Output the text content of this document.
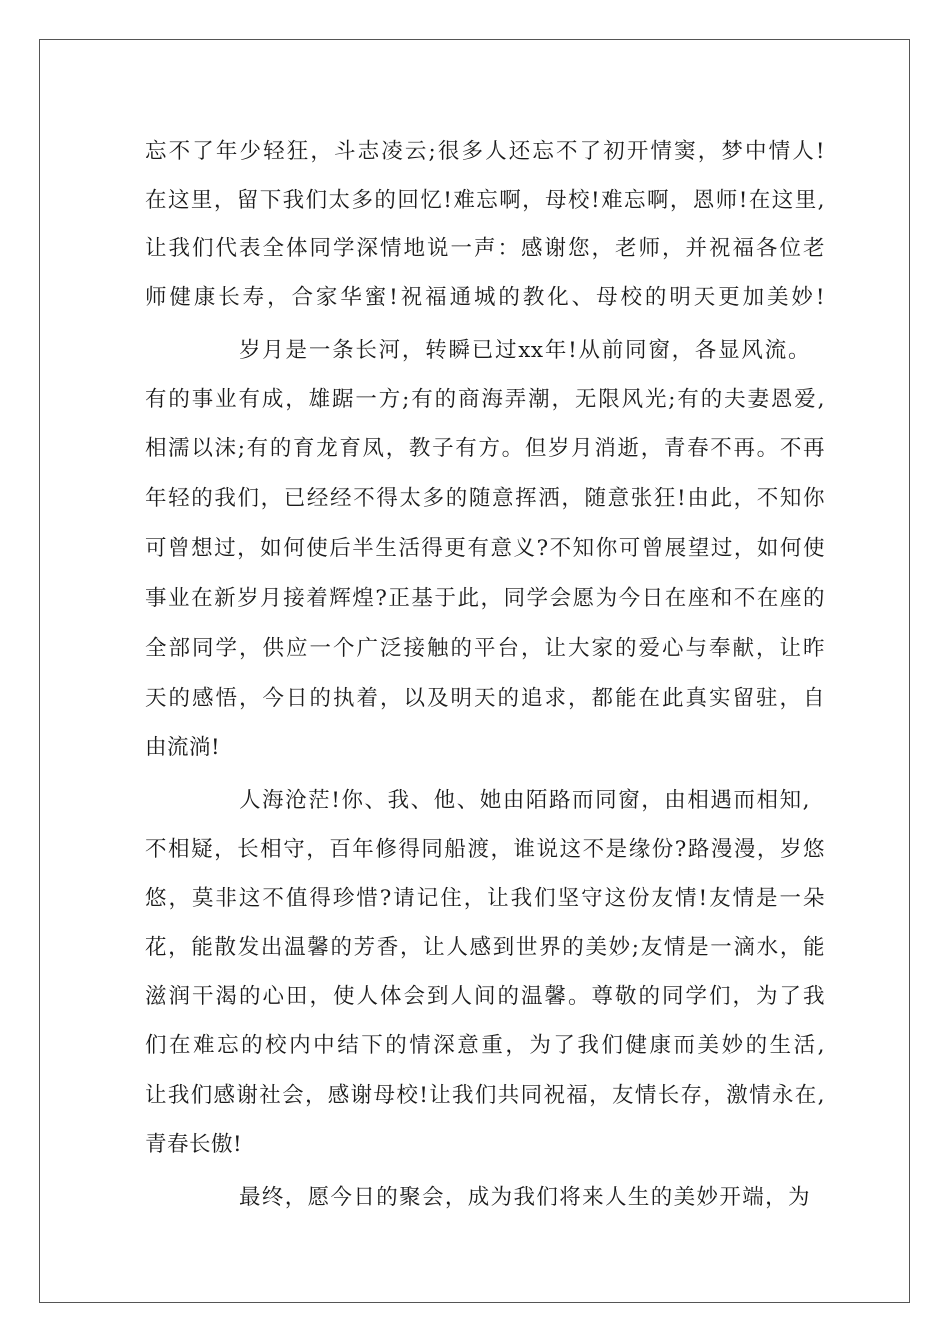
忘不了年少轻狂，斗志凌云;很多人还忘不了初开情窦，梦中情人!
在这里，留下我们太多的回忆!难忘啊，母校!难忘啊，恩师!在这里,
让我们代表全体同学深情地说一声：感谢您，老师，并祝福各位老
师健康长寿，合家华蜜!祝福通城的教化、母校的明天更加美妙!
岁月是一条长河，转瞬已过xx年!从前同窗，各显风流。
有的事业有成，雄踞一方;有的商海弄潮，无限风光;有的夫妻恩爱,
相濡以沫;有的育龙育凤，教子有方。但岁月消逝，青春不再。不再
年轻的我们，已经经不得太多的随意挥洒，随意张狂!由此，不知你
可曾想过，如何使后半生活得更有意义?不知你可曾展望过，如何使
事业在新岁月接着辉煌?正基于此，同学会愿为今日在座和不在座的
全部同学，供应一个广泛接触的平台，让大家的爱心与奉献，让昨
天的感悟，今日的执着，以及明天的追求，都能在此真实留驻，自
由流淌!
人海沧茫!你、我、他、她由陌路而同窗，由相遇而相知,
不相疑，长相守，百年修得同船渡，谁说这不是缘份?路漫漫，岁悠
悠，莫非这不值得珍惜?请记住，让我们坚守这份友情!友情是一朵
花，能散发出温馨的芳香，让人感到世界的美妙;友情是一滴水，能
滋润干渴的心田，使人体会到人间的温馨。尊敬的同学们，为了我
们在难忘的校内中结下的情深意重，为了我们健康而美妙的生活,
让我们感谢社会，感谢母校!让我们共同祝福，友情长存，激情永在,
青春长傲!
最终，愿今日的聚会，成为我们将来人生的美妙开端，为
